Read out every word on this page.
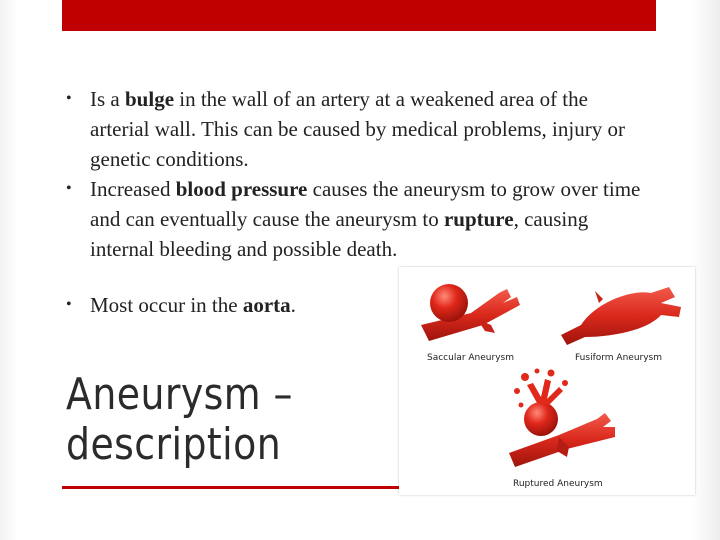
• Is a bulge in the wall of an artery at a weakened area of the arterial wall. This can be caused by medical problems, injury or genetic conditions.
• Increased blood pressure causes the aneurysm to grow over time and can eventually cause the aneurysm to rupture, causing internal bleeding and possible death.
• Most occur in the aorta.
Aneurysm –
description
Saccular Aneurysm	Fusiform Aneurysm
Ruptured Aneurysm
